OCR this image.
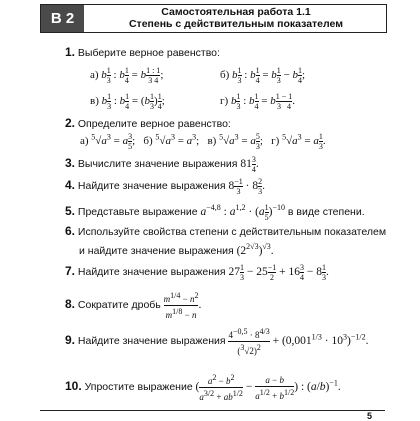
В 2	Самостоятельная работа 1.1
Степень с действительным показателем
1. Выберите верное равенство:
а) b $\frac{1}{3}$ : b $\frac{1}{4} = b \frac{1 : 1}{3 4}$ ;	б) b $\frac{1}{3}$ : b $\frac{1}{4} = b \frac{1}{3} - b \frac{1}{4}$ ;
в) b $\frac{1}{3}$ : b $\frac{1}{4} = (b \frac{1}{3}$ ) $\frac{1}{4}$ ;	г) b $\frac{1}{3}$ : b $\frac{1}{4} = b \frac{1 - 1}{3 4}$ .
2. Определите верное равенство:
а) $^5√a^3 = a \frac{3}{5}$ ;   б) $^5√a^3 = a^3$;   в) $^5√a^3 = a \frac{5}{3}$ ;   г) $^5√a^3 = a \frac{1}{3}$ .
3. Вычислите значение выражения $81 \frac{3}{4}$ .
4. Найдите значение выражения $8 \frac{-1}{3} \cdot 8 \frac{2}{3}$ .
5. Представьте выражение $a^{-4,8}$ : $a^{1,2} \cdot (a \frac{1}{5} )^{-10}$ в виде степени.
6. Используйте свойства степени с действительным показателем
и найдите значение выражения $(2^{2√3})^{√3}$.
7. Найдите значение выражения $27 \frac{1}{3} - 25 \frac{-1}{2} + 16 \frac{3}{4} - 8 \frac{1}{3}$ .
8. Сократите дробь $\frac{m^{1/4} - n^2}{m^{1/8} - n}$ .
9. Найдите значение выражения $\frac{4^{-0,5} \cdot 8^{4/3}}{(^3√2)^2} + (0,001^{1/3} \cdot 10^3)^{-1/2}$.
10. Упростите выражение ( $\frac{a^2 - b^2}{a^{3/2} + ab^{1/2}} - \frac{a - b}{a^{1/2} + b^{1/2}}$ ) : $(a/b)^{-1}$.
5
